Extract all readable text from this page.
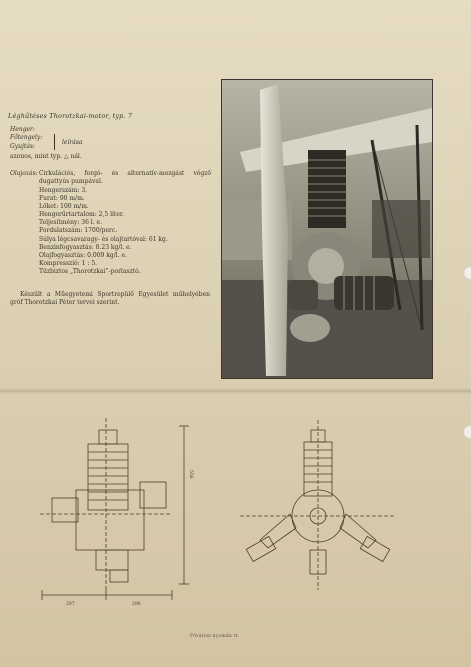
Léghűtéses Thorotzkai-motor, typ. 7
Henger:
Főtengely:
Gyujtás:
leírása
azonos, mint typ. △ nál.
Olajozás: Cirkulációs, forgó- és alternatív-mozgást végző dugattyús pumpával.
Hengerszám: 3.
Furat: 90 m/m.
Löket: 100 m/m.
Hengerűrtartalom: 2,5 liter.
Teljesítmény: 36 l. e.
Fordulatszám: 1700/perc.
Súlya légcsavaragy- és olajtartóval: 61 kg.
Benzinfogyasztás: 0.23 kg/l. e.
Olajfogyasztás: 0.009 kg/l. e.
Kompresszió: 1 : 5.
Tüzbiztos „Thorotzkai”-porlasztó.
Készült a Műegyetemi Sportrepülő Egyesület műhelyében gróf Thorotzkai Péter tervei szerint.
297	298
556
Fővárosi nyomda rt.
